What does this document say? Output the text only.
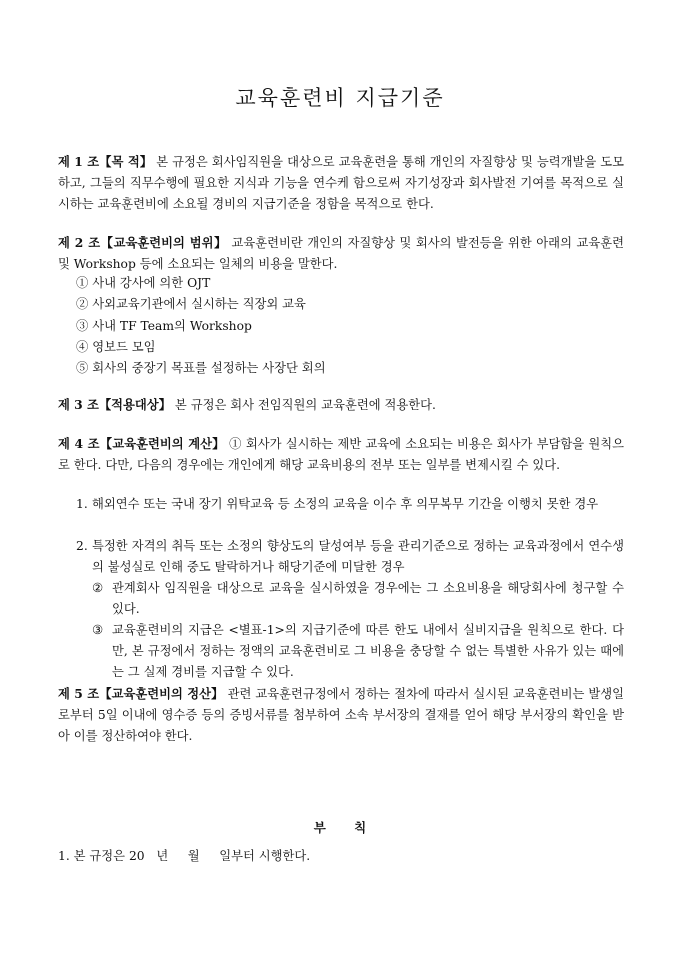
교육훈련비 지급기준

제 1 조【목 적】 본 규정은 회사임직원을 대상으로 교육훈련을 통해 개인의 자질향상 및 능력개발을 도모하고, 그들의 직무수행에 필요한 지식과 기능을 연수케 함으로써 자기성장과 회사발전 기여를 목적으로 실시하는 교육훈련비에 소요될 경비의 지급기준을 정함을 목적으로 한다.

제 2 조【교육훈련비의 범위】 교육훈련비란 개인의 자질향상 및 회사의 발전등을 위한 아래의 교육훈련 및 Workshop 등에 소요되는 일체의 비용을 말한다.

① 사내 강사에 의한 OJT
② 사외교육기관에서 실시하는 직장외 교육
③ 사내 TF Team의 Workshop
④ 영보드 모임
⑤ 회사의 중장기 목표를 설정하는 사장단 회의

제 3 조【적용대상】 본 규정은 회사 전임직원의 교육훈련에 적용한다.

제 4 조【교육훈련비의 계산】 ① 회사가 실시하는 제반 교육에 소요되는 비용은 회사가 부담함을 원칙으로 한다. 다만, 다음의 경우에는 개인에게 해당 교육비용의 전부 또는 일부를 변제시킬 수 있다.

1. 해외연수 또는 국내 장기 위탁교육 등 소정의 교육을 이수 후 의무복무 기간을 이행치 못한 경우
2. 특정한 자격의 취득 또는 소정의 향상도의 달성여부 등을 관리기준으로 정하는 교육과정에서 연수생의 불성실로 인해 중도 탈락하거나 해당기준에 미달한 경우
② 관계회사 임직원을 대상으로 교육을 실시하였을 경우에는 그 소요비용을 해당회사에 청구할 수 있다.
③ 교육훈련비의 지급은 <별표-1>의 지급기준에 따른 한도 내에서 실비지급을 원칙으로 한다. 다만, 본 규정에서 정하는 정액의 교육훈련비로 그 비용을 충당할 수 없는 특별한 사유가 있는 때에는 그 실제 경비를 지급할 수 있다.

제 5 조【교육훈련비의 정산】 관련 교육훈련규정에서 정하는 절차에 따라서 실시된 교육훈련비는 발생일로부터 5일 이내에 영수증 등의 증빙서류를 첨부하여 소속 부서장의 결재를 얻어 해당 부서장의 확인을 받아 이를 정산하여야 한다.

부 칙

1. 본 규정은 20   년     월     일부터 시행한다.
